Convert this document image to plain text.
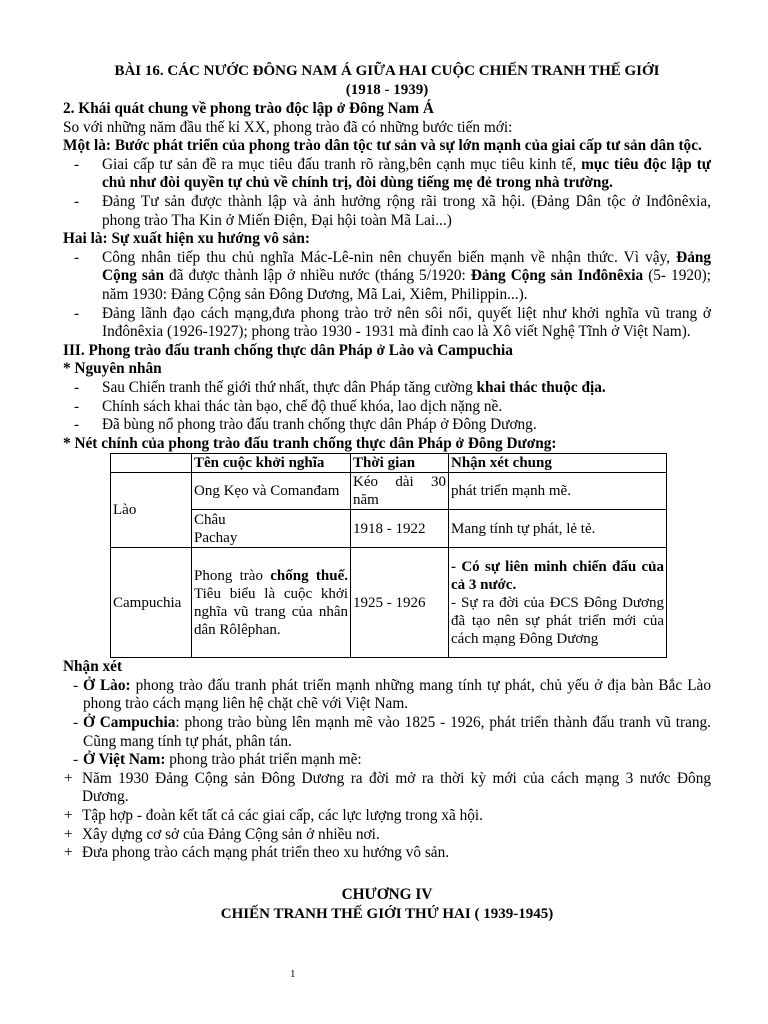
BÀI 16. CÁC NƯỚC ĐÔNG NAM Á GIỮA HAI CUỘC CHIẾN TRANH THẾ GIỚI

(1918 - 1939)

2. Khái quát chung về phong trào độc lập ở Đông Nam Á

So với những năm đầu thế kỉ XX, phong trào đã có những bước tiến mới:

Một là: Bước phát triển của phong trào dân tộc tư sản và sự lớn mạnh của giai cấp tư sản dân tộc.

-	Giai cấp tư sản đề ra mục tiêu đấu tranh rõ ràng,bên cạnh mục tiêu kinh tế, mục tiêu độc lập tự chủ như đòi quyền tự chủ về chính trị, đòi dùng tiếng mẹ đẻ trong nhà trường.
-	Đảng Tư sản được thành lập và ảnh hưởng rộng rãi trong xã hội. (Đảng Dân tộc ở Inđônêxia, phong trào Tha Kin ở Miến Điện, Đại hội toàn Mã Lai...)

Hai là: Sự xuất hiện xu hướng vô sản:

-	Công nhân tiếp thu chủ nghĩa Mác-Lê-nin nên chuyển biến mạnh về nhận thức. Vì vậy, Đảng Cộng sản đã được thành lập ở nhiều nước (tháng 5/1920: Đảng Cộng sản Inđônêxia (5- 1920); năm 1930: Đảng Cộng sản Đông Dương, Mã Lai, Xiêm, Philippin...).
-	Đảng lãnh đạo cách mạng,đưa phong trào trở nên sôi nổi, quyết liệt như khởi nghĩa vũ trang ở Inđônêxia (1926-1927); phong trào 1930 - 1931 mà đỉnh cao là Xô viết Nghệ Tĩnh ở Việt Nam).

III. Phong trào đấu tranh chống thực dân Pháp ở Lào và Campuchia

* Nguyên nhân

-	Sau Chiến tranh thế giới thứ nhất, thực dân Pháp tăng cường khai thác thuộc địa.
-	Chính sách khai thác tàn bạo, chế độ thuế khóa, lao dịch nặng nề.
-	Đã bùng nổ phong trào đấu tranh chống thực dân Pháp ở Đông Dương.

* Nét chính của phong trào đấu tranh chống thực dân Pháp ở Đông Dương:

	Tên cuộc khởi nghĩa	Thời gian	Nhận xét chung
Lào	Ong Kẹo và Comanđam	Kéo dài 30 năm	phát triển mạnh mẽ.
	Châu Pachay	1918 - 1922	Mang tính tự phát, lẻ tẻ.
Campuchia	Phong trào chống thuế. Tiêu biểu là cuộc khởi nghĩa vũ trang của nhân dân Rôlêphan.	1925 - 1926	- Có sự liên minh chiến đấu của cả 3 nước.
- Sự ra đời của ĐCS Đông Dương đã tạo nên sự phát triển mới của cách mạng Đông Dương

Nhận xét

- Ở Lào: phong trào đấu tranh phát triển mạnh những mang tính tự phát, chủ yếu ở địa bàn Bắc Lào phong trào cách mạng liên hệ chặt chẽ với Việt Nam.
- Ở Campuchia: phong trào bùng lên mạnh mẽ vào 1825 - 1926, phát triển thành đấu tranh vũ trang. Cũng mang tính tự phát, phân tán.
- Ở Việt Nam: phong trào phát triển mạnh mẽ:
+ Năm 1930 Đảng Cộng sản Đông Dương ra đời mở ra thời kỳ mới của cách mạng 3 nước Đông Dương.
+ Tập hợp - đoàn kết tất cả các giai cấp, các lực lượng trong xã hội.
+ Xây dựng cơ sở của Đảng Cộng sản ở nhiều nơi.
+ Đưa phong trào cách mạng phát triển theo xu hướng vô sản.

CHƯƠNG IV

CHIẾN TRANH THẾ GIỚI THỨ HAI ( 1939-1945)

1
